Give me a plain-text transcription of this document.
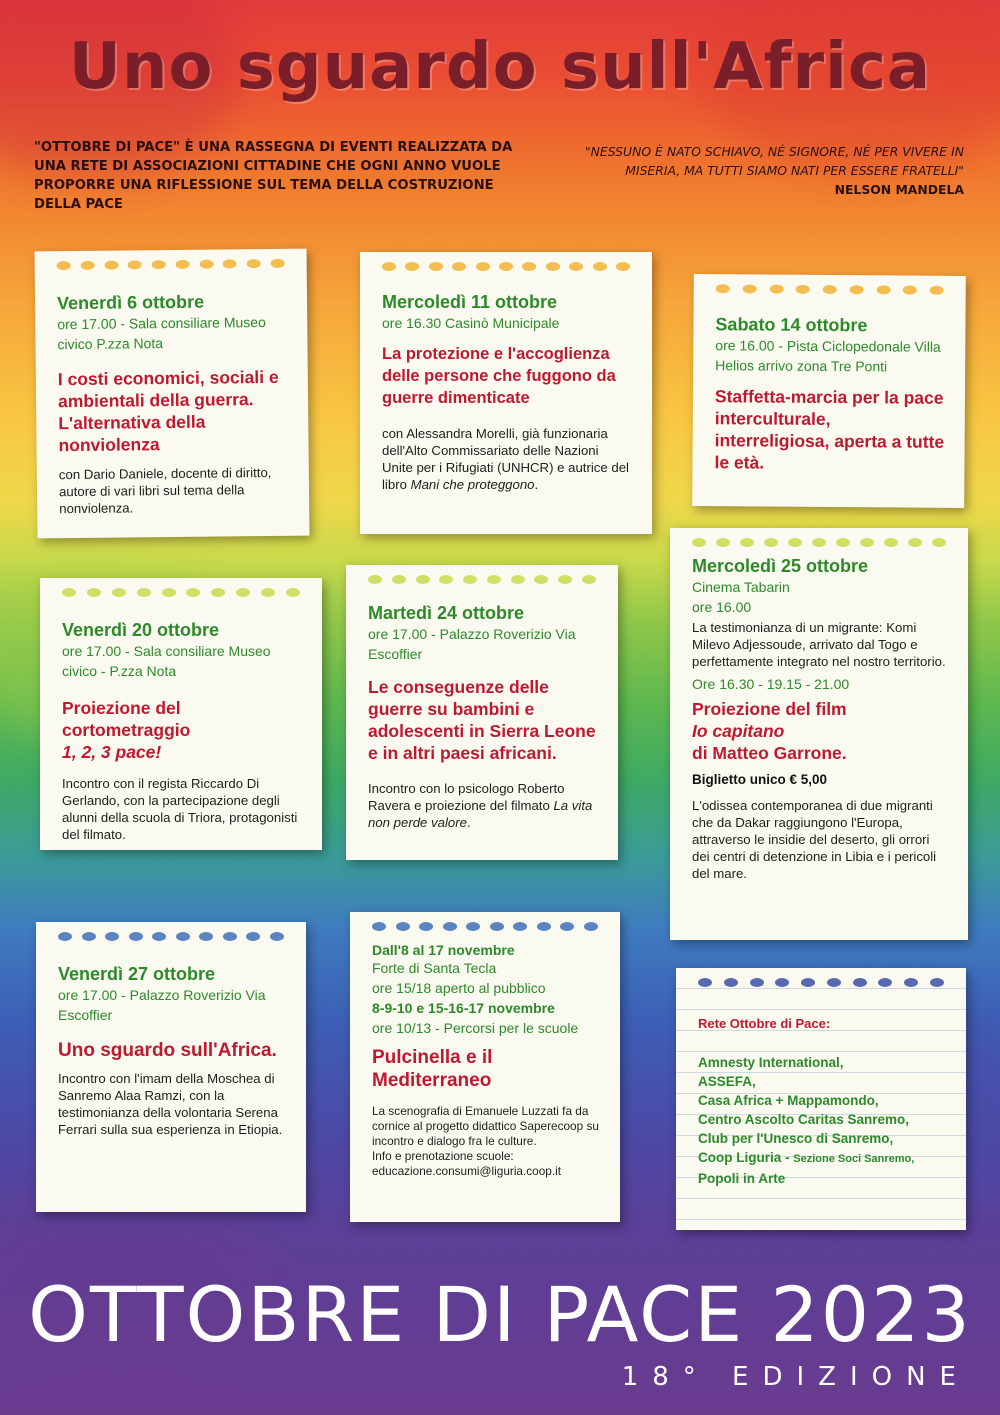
Uno sguardo sull'Africa

"OTTOBRE DI PACE" È UNA RASSEGNA DI EVENTI REALIZZATA DA UNA RETE DI ASSOCIAZIONI CITTADINE CHE OGNI ANNO VUOLE PROPORRE UNA RIFLESSIONE SUL TEMA DELLA COSTRUZIONE DELLA PACE

"NESSUNO È NATO SCHIAVO, NÉ SIGNORE, NÉ PER VIVERE IN MISERIA, MA TUTTI SIAMO NATI PER ESSERE FRATELLI"
NELSON MANDELA
Venerdì 6 ottobre
ore 17.00 - Sala consiliare Museo civico P.zza Nota
I costi economici, sociali e ambientali della guerra. L'alternativa della nonviolenza
con Dario Daniele, docente di diritto, autore di vari libri sul tema della nonviolenza.
Mercoledì 11 ottobre
ore 16.30 Casinò Municipale
La protezione e l'accoglienza delle persone che fuggono da guerre dimenticate
con Alessandra Morelli, già funzionaria dell'Alto Commissariato delle Nazioni Unite per i Rifugiati (UNHCR) e autrice del libro Mani che proteggono.
Sabato 14 ottobre
ore 16.00 - Pista Ciclopedonale Villa Helios arrivo zona Tre Ponti
Staffetta-marcia per la pace interculturale, interreligiosa, aperta a tutte le età.
Venerdì 20 ottobre
ore 17.00 - Sala consiliare Museo civico - P.zza Nota
Proiezione del cortometraggio
1, 2, 3 pace!
Incontro con il regista Riccardo Di Gerlando, con la partecipazione degli alunni della scuola di Triora, protagonisti del filmato.
Martedì 24 ottobre
ore 17.00 - Palazzo Roverizio Via Escoffier
Le conseguenze delle guerre su bambini e adolescenti in Sierra Leone e in altri paesi africani.
Incontro con lo psicologo Roberto Ravera e proiezione del filmato La vita non perde valore.
Mercoledì 25 ottobre
Cinema Tabarin
ore 16.00
La testimonianza di un migrante: Komi Milevo Adjessoude, arrivato dal Togo e perfettamente integrato nel nostro territorio.
Ore 16.30 - 19.15 - 21.00
Proiezione del film
Io capitano
di Matteo Garrone.
Biglietto unico € 5,00
L'odissea contemporanea di due migranti che da Dakar raggiungono l'Europa, attraverso le insidie del deserto, gli orrori dei centri di detenzione in Libia e i pericoli del mare.
Venerdì 27 ottobre
ore 17.00 - Palazzo Roverizio Via Escoffier
Uno sguardo sull'Africa.
Incontro con l'imam della Moschea di Sanremo Alaa Ramzi, con la testimonianza della volontaria Serena Ferrari sulla sua esperienza in Etiopia.
Dall'8 al 17 novembre
Forte di Santa Tecla
ore 15/18 aperto al pubblico
8-9-10 e 15-16-17 novembre
ore 10/13 - Percorsi per le scuole
Pulcinella e il Mediterraneo
La scenografia di Emanuele Luzzati fa da cornice al progetto didattico Saperecoop su incontro e dialogo fra le culture.
Info e prenotazione scuole:
educazione.consumi@liguria.coop.it
Rete Ottobre di Pace:
Amnesty International,
ASSEFA,
Casa Africa + Mappamondo,
Centro Ascolto Caritas Sanremo,
Club per l'Unesco di Sanremo,
Coop Liguria - Sezione Soci Sanremo,
Popoli in Arte
OTTOBRE DI PACE 2023
18° EDIZIONE
